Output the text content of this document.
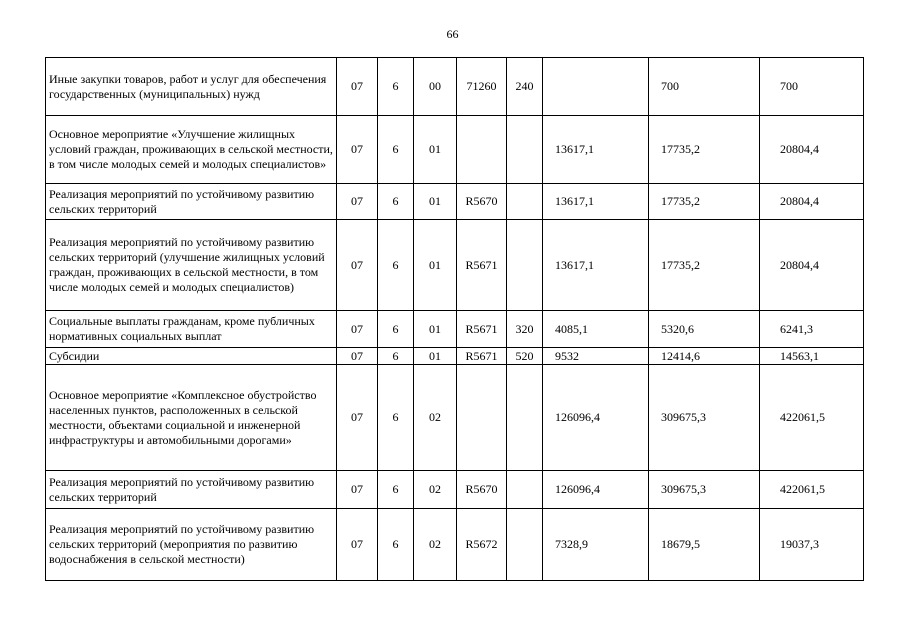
66
Иные закупки товаров, работ и услуг для обеспечения государственных (муниципальных) нужд	07	6	00	71260	240		700	700
Основное мероприятие «Улучшение жилищных условий граждан, проживающих в сельской местности, в том числе молодых семей и молодых специалистов»	07	6	01			13617,1	17735,2	20804,4
Реализация мероприятий по устойчивому развитию сельских территорий	07	6	01	R5670		13617,1	17735,2	20804,4
Реализация мероприятий по устойчивому развитию сельских территорий (улучшение жилищных условий граждан, проживающих в сельской местности, в том числе молодых семей и молодых специалистов)	07	6	01	R5671		13617,1	17735,2	20804,4
Социальные выплаты гражданам, кроме публичных нормативных социальных выплат	07	6	01	R5671	320	4085,1	5320,6	6241,3
Субсидии	07	6	01	R5671	520	9532	12414,6	14563,1
Основное мероприятие «Комплексное обустройство населенных пунктов, расположенных в сельской местности, объектами социальной и инженерной инфраструктуры и автомобильными дорогами»	07	6	02			126096,4	309675,3	422061,5
Реализация мероприятий по устойчивому развитию сельских территорий	07	6	02	R5670		126096,4	309675,3	422061,5
Реализация мероприятий по устойчивому развитию сельских территорий (мероприятия по развитию водоснабжения в сельской местности)	07	6	02	R5672		7328,9	18679,5	19037,3
